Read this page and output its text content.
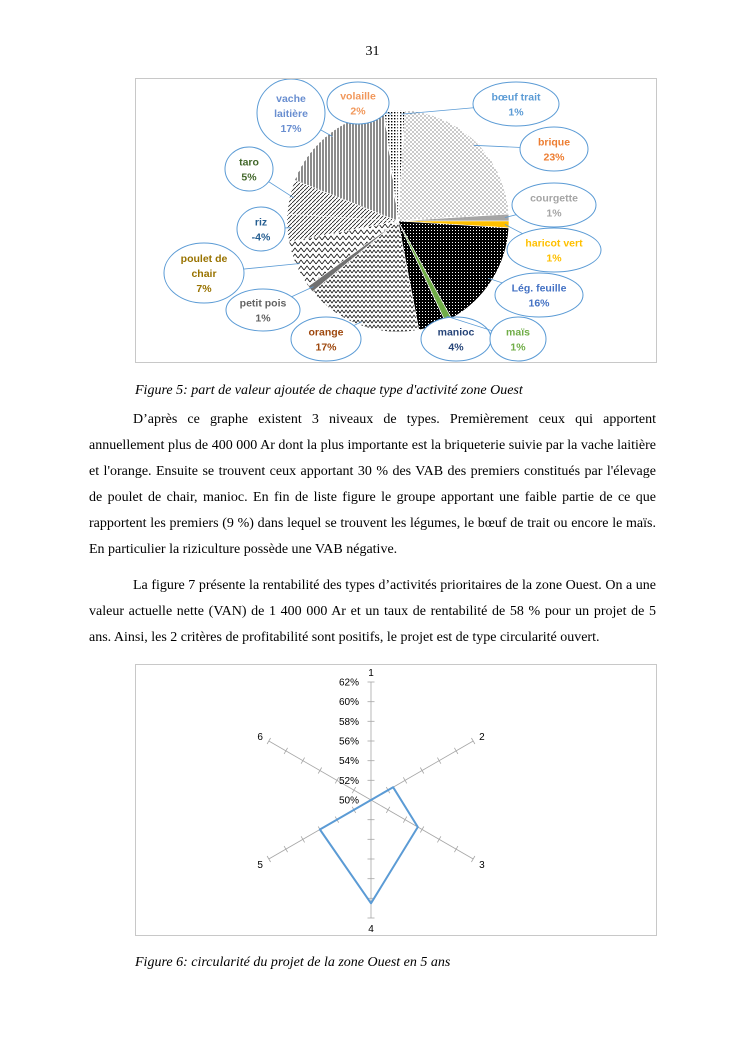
31
vache
laitière
17%
volaille
2%
bœuf trait
1%
brique
23%
courgette
1%
haricot vert
1%
taro
5%
riz
-4%
poulet de
chair
7%
petit pois
1%
orange
17%
manioc
4%
maïs
1%
Lég. feuille
16%
Figure 5: part de valeur ajoutée de chaque type d'activité zone Ouest

D’après ce graphe existent 3 niveaux de types. Premièrement ceux qui apportent annuellement plus de 400 000 Ar dont la plus importante est la briqueterie suivie par la vache laitière et l'orange. Ensuite se trouvent ceux apportant 30 % des VAB des premiers constitués par l'élevage de poulet de chair, manioc. En fin de liste figure le groupe apportant une faible partie de ce que rapportent les premiers (9 %) dans lequel se trouvent les légumes, le bœuf de trait ou encore le maïs. En particulier la riziculture possède une VAB négative.

La figure 7 présente la rentabilité des types d’activités prioritaires de la zone Ouest. On a une valeur actuelle nette (VAN) de 1 400 000 Ar et un taux de rentabilité de 58 % pour un projet de 5 ans. Ainsi, les 2 critères de profitabilité sont positifs, le projet est de type circularité ouvert.

1
2
3
4
5
6
50%
52%
54%
56%
58%
60%
62%
Figure 6: circularité du projet de la zone Ouest en 5 ans
